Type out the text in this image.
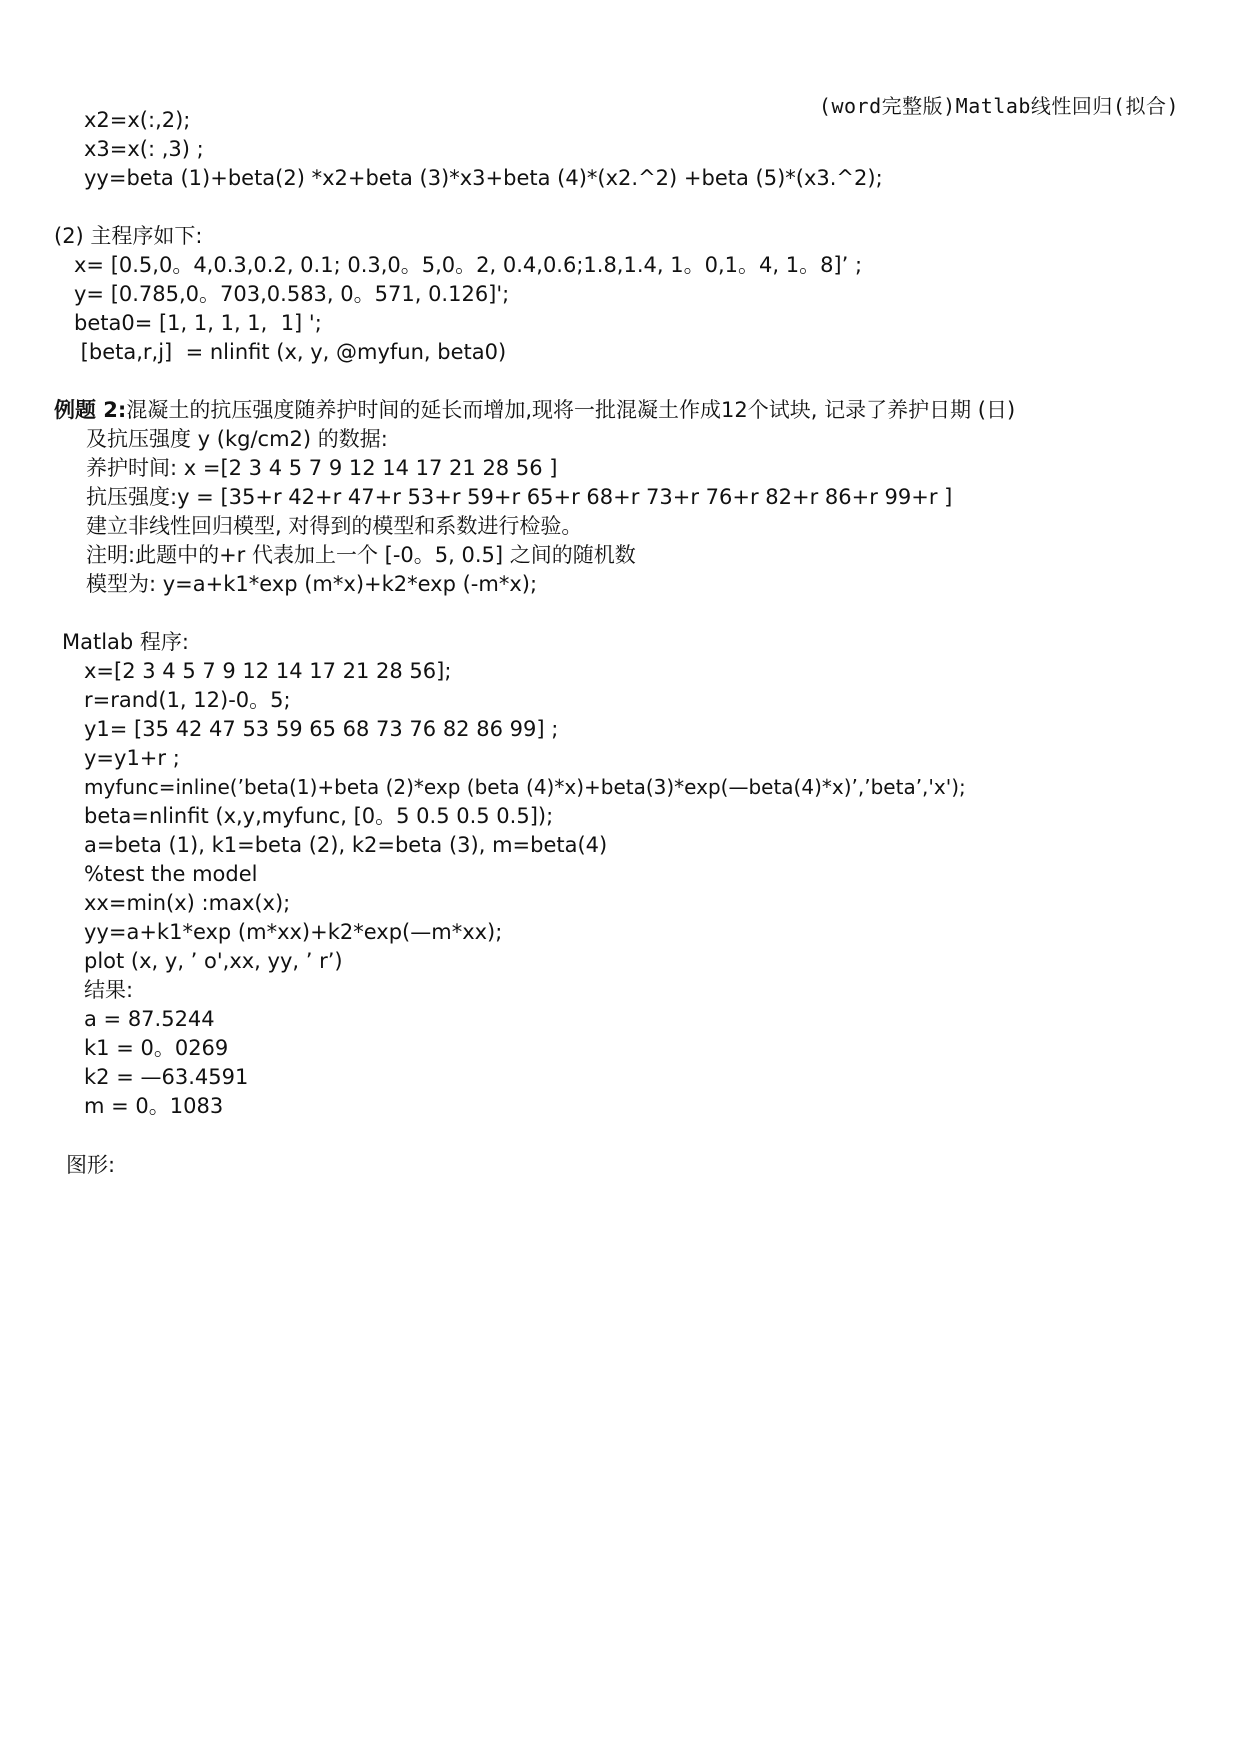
(word完整版)Matlab线性回归(拟合)
x2=x(:,2);
x3=x(: ,3) ;
yy=beta (1)+beta(2) *x2+beta (3)*x3+beta (4)*(x2.^2) +beta (5)*(x3.^2);
(2) 主程序如下:
x= [0.5,0。4,0.3,0.2, 0.1; 0.3,0。5,0。2, 0.4,0.6;1.8,1.4, 1。0,1。4, 1。8]’ ;
y= [0.785,0。703,0.583, 0。571, 0.126]';
beta0= [1, 1, 1, 1,  1] ';
[beta,r,j]  = nlinfit (x, y, @myfun, beta0)
例题 2:混凝土的抗压强度随养护时间的延长而增加,现将一批混凝土作成12个试块, 记录了养护日期 (日)
及抗压强度 y (kg/cm2) 的数据:
养护时间: x =[2 3 4 5 7 9 12 14 17 21 28 56 ]
抗压强度:y = [35+r 42+r 47+r 53+r 59+r 65+r 68+r 73+r 76+r 82+r 86+r 99+r ]
建立非线性回归模型, 对得到的模型和系数进行检验。
注明:此题中的+r 代表加上一个 [-0。5, 0.5] 之间的随机数
模型为: y=a+k1*exp (m*x)+k2*exp (-m*x);
Matlab 程序:
x=[2 3 4 5 7 9 12 14 17 21 28 56];
r=rand(1, 12)-0。5;
y1= [35 42 47 53 59 65 68 73 76 82 86 99] ;
y=y1+r ;
myfunc=inline(’beta(1)+beta (2)*exp (beta (4)*x)+beta(3)*exp(—beta(4)*x)’,’beta’,'x');
beta=nlinfit (x,y,myfunc, [0。5 0.5 0.5 0.5]);
a=beta (1), k1=beta (2), k2=beta (3), m=beta(4)
%test the model
xx=min(x) :max(x);
yy=a+k1*exp (m*xx)+k2*exp(—m*xx);
plot (x, y, ’ o',xx, yy, ’ r’)
结果:
a = 87.5244
k1 = 0。0269
k2 = —63.4591
m = 0。1083
图形:
